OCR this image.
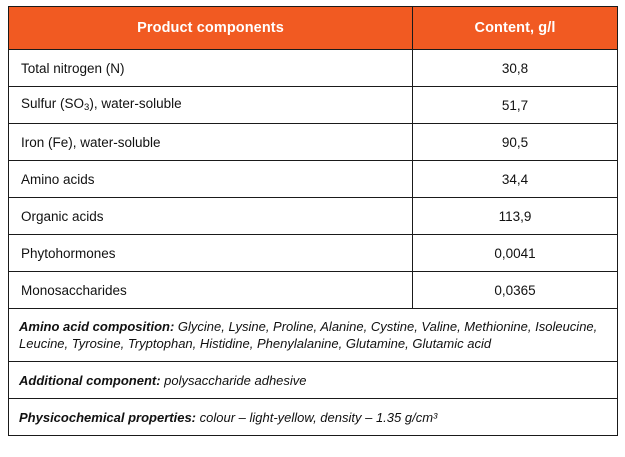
Product components	Content, g/l
Total nitrogen (N)	30,8
Sulfur $(SO_3)$, water-soluble	51,7
Iron (Fe), water-soluble	90,5
Amino acids	34,4
Organic acids	113,9
Phytohormones	0,0041
Monosaccharides	0,0365
Amino acid composition: Glycine, Lysine, Proline, Alanine, Cystine, Valine, Methionine, Isoleucine, Leucine, Tyrosine, Tryptophan, Histidine, Phenylalanine, Glutamine, Glutamic acid	
Additional component: polysaccharide adhesive	
Physicochemical properties: colour – light-yellow, density – 1.35 g/cm³	
